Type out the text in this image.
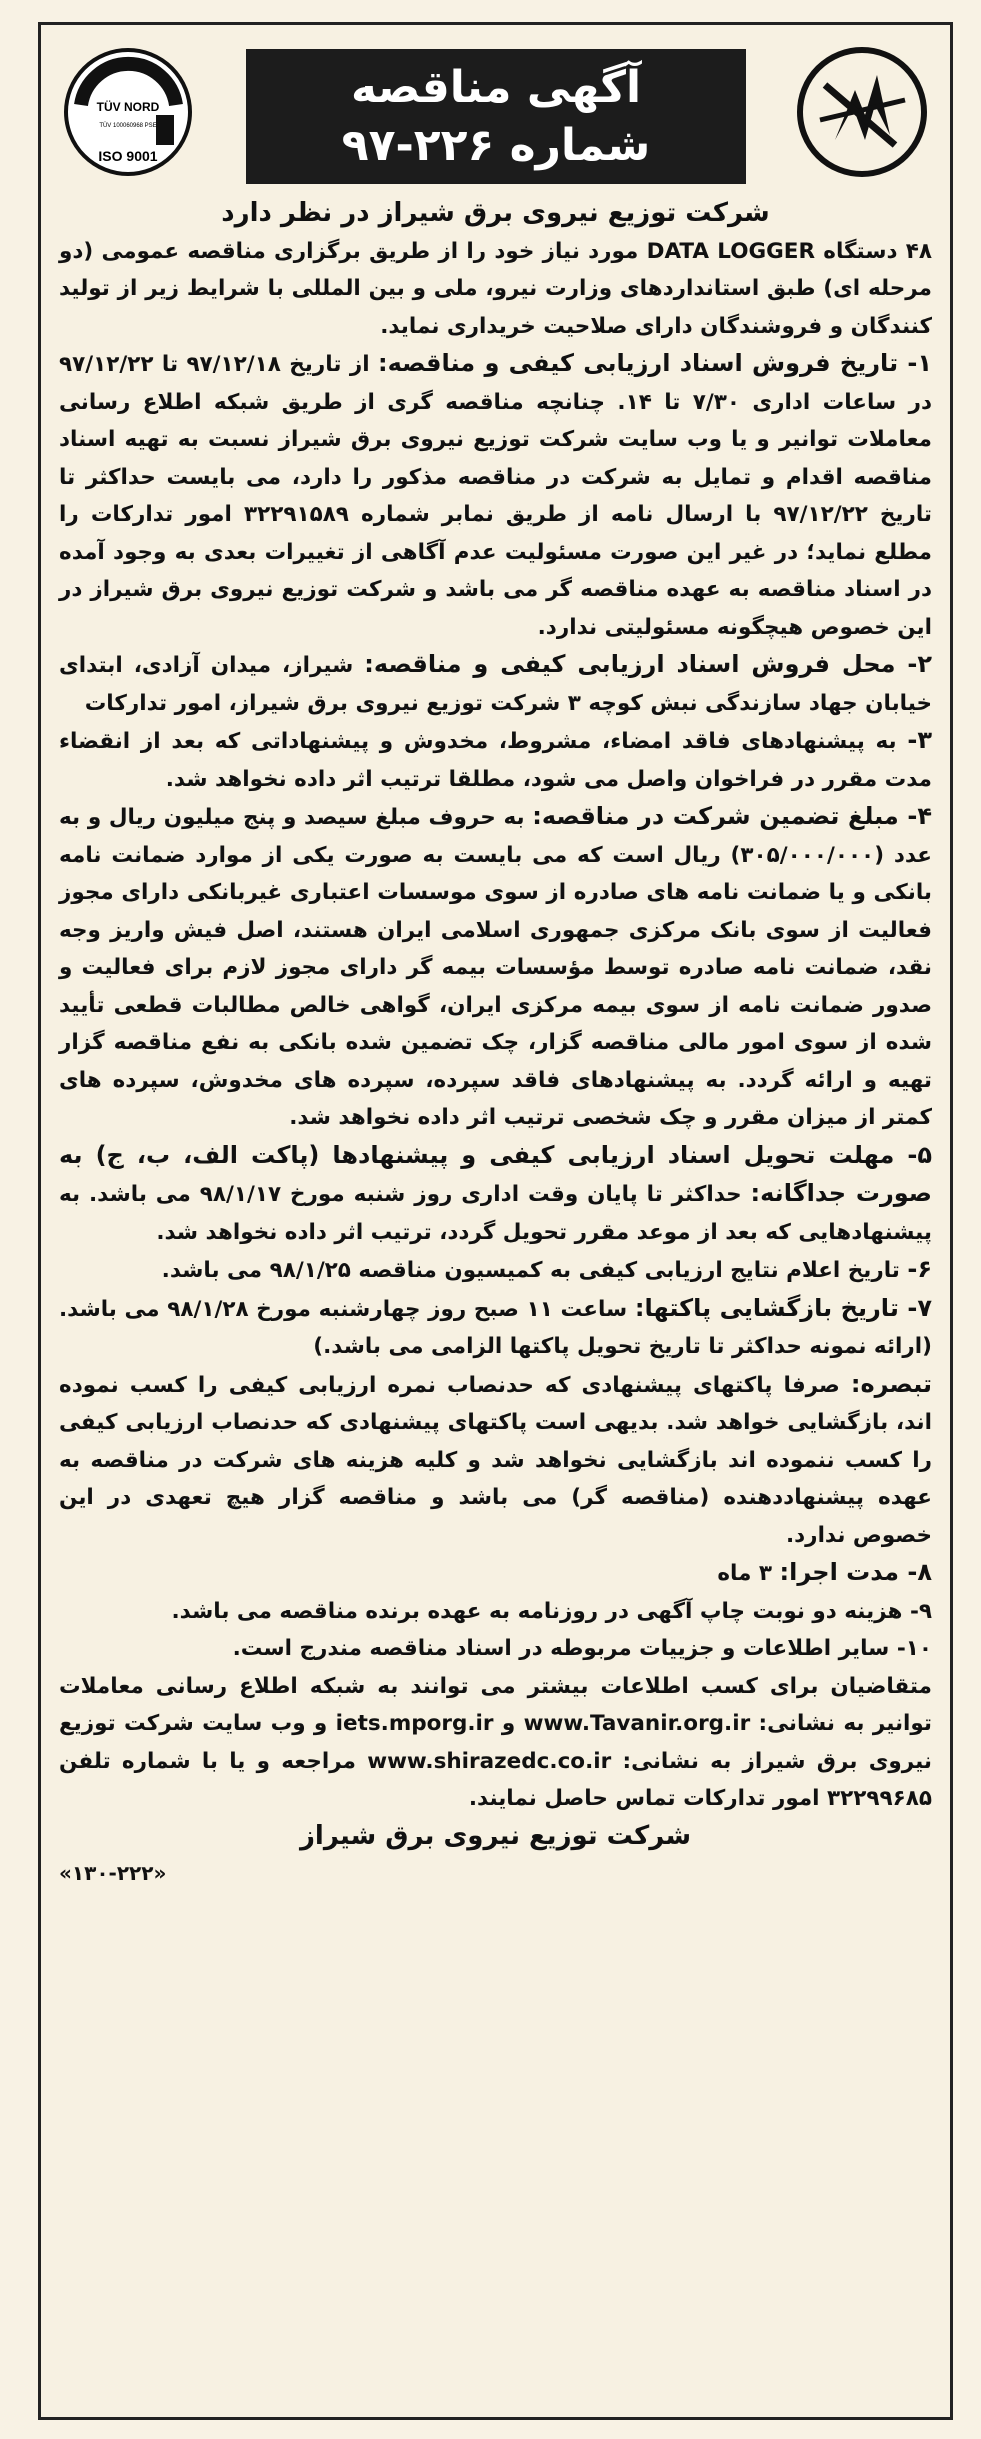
TÜV NORD
TÜV 100060968 PSE
ISO 9001
آگهی مناقصه
شماره ۲۲۶-۹۷

شرکت توزیع نیروی برق شیراز در نظر دارد

۴۸ دستگاه DATA LOGGER مورد نیاز خود را از طریق برگزاری مناقصه عمومی (دو مرحله ای) طبق استانداردهای وزارت نیرو، ملی و بین المللی با شرایط زیر از تولید کنندگان و فروشندگان دارای صلاحیت خریداری نماید.

۱- تاریخ فروش اسناد ارزیابی کیفی و مناقصه: از تاریخ ۹۷/۱۲/۱۸ تا ۹۷/۱۲/۲۲ در ساعات اداری ۷/۳۰ تا ۱۴. چنانچه مناقصه گری از طریق شبکه اطلاع رسانی معاملات توانیر و یا وب سایت شرکت توزیع نیروی برق شیراز نسبت به تهیه اسناد مناقصه اقدام و تمایل به شرکت در مناقصه مذکور را دارد، می بایست حداکثر تا تاریخ ۹۷/۱۲/۲۲ با ارسال نامه از طریق نمابر شماره ۳۲۲۹۱۵۸۹ امور تدارکات را مطلع نماید؛ در غیر این صورت مسئولیت عدم آگاهی از تغییرات بعدی به وجود آمده در اسناد مناقصه به عهده مناقصه گر می باشد و شرکت توزیع نیروی برق شیراز در این خصوص هیچگونه مسئولیتی ندارد.

۲- محل فروش اسناد ارزیابی کیفی و مناقصه: شیراز، میدان آزادی، ابتدای خیابان جهاد سازندگی نبش کوچه ۳ شرکت توزیع نیروی برق شیراز، امور تدارکات

۳- به پیشنهادهای فاقد امضاء، مشروط، مخدوش و پیشنهاداتی که بعد از انقضاء مدت مقرر در فراخوان واصل می شود، مطلقا ترتیب اثر داده نخواهد شد.

۴- مبلغ تضمین شرکت در مناقصه: به حروف مبلغ سیصد و پنج میلیون ریال و به عدد (۳۰۵/۰۰۰/۰۰۰) ریال است که می بایست به صورت یکی از موارد ضمانت نامه بانکی و یا ضمانت نامه های صادره از سوی موسسات اعتباری غیربانکی دارای مجوز فعالیت از سوی بانک مرکزی جمهوری اسلامی ایران هستند، اصل فیش واریز وجه نقد، ضمانت نامه صادره توسط مؤسسات بیمه گر دارای مجوز لازم برای فعالیت و صدور ضمانت نامه از سوی بیمه مرکزی ایران، گواهی خالص مطالبات قطعی تأیید شده از سوی امور مالی مناقصه گزار، چک تضمین شده بانکی به نفع مناقصه گزار تهیه و ارائه گردد. به پیشنهادهای فاقد سپرده، سپرده های مخدوش، سپرده های کمتر از میزان مقرر و چک شخصی ترتیب اثر داده نخواهد شد.

۵- مهلت تحویل اسناد ارزیابی کیفی و پیشنهادها (پاکت الف، ب، ج) به صورت جداگانه: حداکثر تا پایان وقت اداری روز شنبه مورخ ۹۸/۱/۱۷ می باشد. به پیشنهادهایی که بعد از موعد مقرر تحویل گردد، ترتیب اثر داده نخواهد شد.

۶- تاریخ اعلام نتایج ارزیابی کیفی به کمیسیون مناقصه ۹۸/۱/۲۵ می باشد.

۷- تاریخ بازگشایی پاکتها: ساعت ۱۱ صبح روز چهارشنبه مورخ ۹۸/۱/۲۸ می باشد. (ارائه نمونه حداکثر تا تاریخ تحویل پاکتها الزامی می باشد.)

تبصره: صرفا پاکتهای پیشنهادی که حدنصاب نمره ارزیابی کیفی را کسب نموده اند، بازگشایی خواهد شد. بدیهی است پاکتهای پیشنهادی که حدنصاب ارزیابی کیفی را کسب ننموده اند بازگشایی نخواهد شد و کلیه هزینه های شرکت در مناقصه به عهده پیشنهاددهنده (مناقصه گر) می باشد و مناقصه گزار هیچ تعهدی در این خصوص ندارد.

۸- مدت اجرا: ۳ ماه

۹- هزینه دو نوبت چاپ آگهی در روزنامه به عهده برنده مناقصه می باشد.

۱۰- سایر اطلاعات و جزییات مربوطه در اسناد مناقصه مندرج است.

متقاضیان برای کسب اطلاعات بیشتر می توانند به شبکه اطلاع رسانی معاملات توانیر به نشانی: www.Tavanir.org.ir و iets.mporg.ir و وب سایت شرکت توزیع نیروی برق شیراز به نشانی: www.shirazedc.co.ir مراجعه و یا با شماره تلفن ۳۲۲۹۹۶۸۵ امور تدارکات تماس حاصل نمایند.

شرکت توزیع نیروی برق شیراز

«۱۳۰-۲۲۲»
